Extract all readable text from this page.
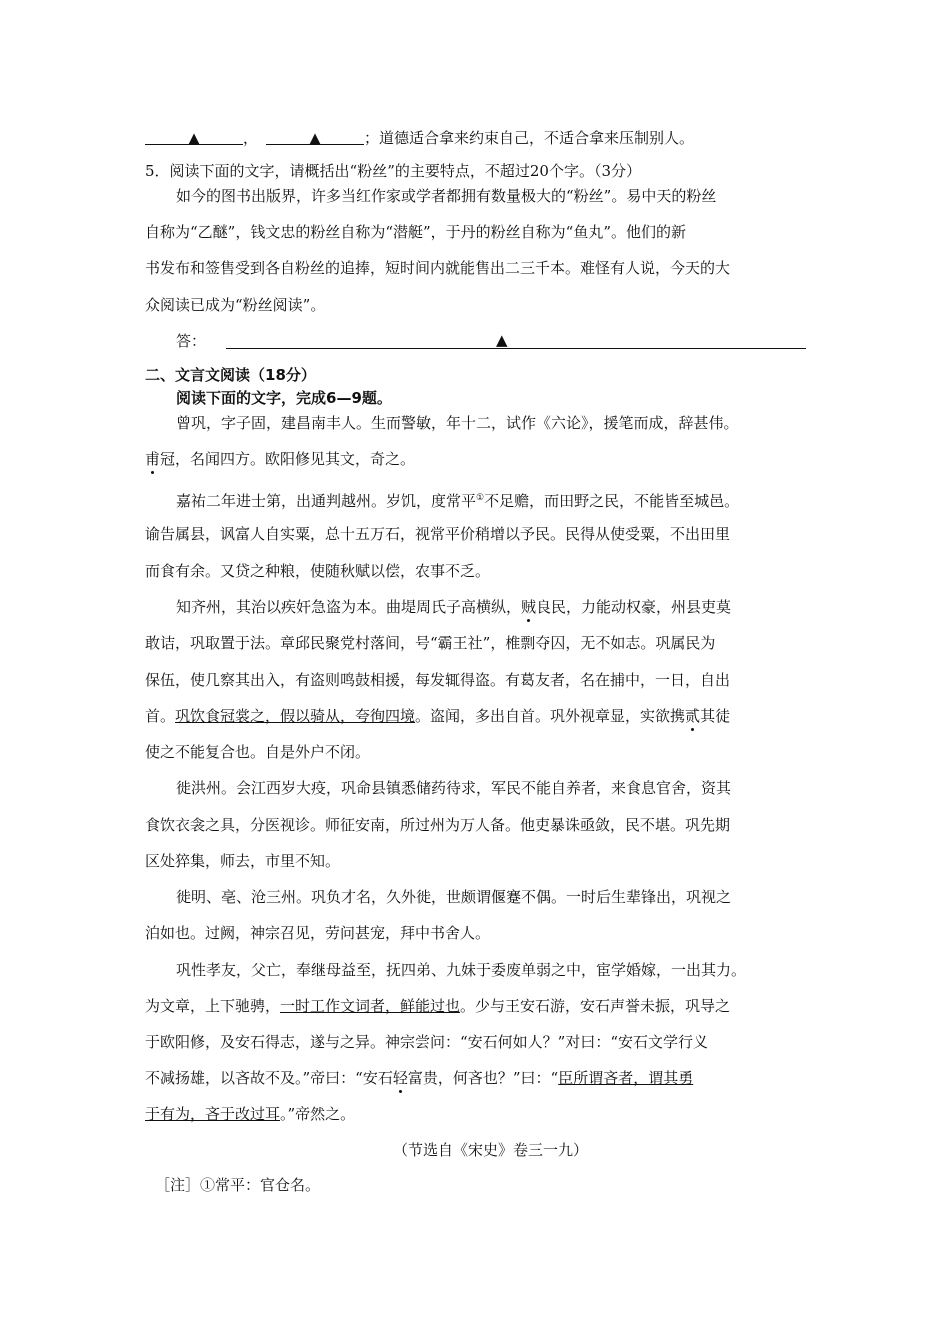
▲	，	▲	；道德适合拿来约束自己，不适合拿来压制别人。
5．阅读下面的文字，请概括出“粉丝”的主要特点，不超过20个字。（3分）
如今的图书出版界，许多当红作家或学者都拥有数量极大的“粉丝”。易中天的粉丝
自称为“乙醚”，钱文忠的粉丝自称为“潜艇”，于丹的粉丝自称为“鱼丸”。他们的新
书发布和签售受到各自粉丝的追捧，短时间内就能售出二三千本。难怪有人说，今天的大
众阅读已成为“粉丝阅读”。
答：	▲
二、文言文阅读（18分）
阅读下面的文字，完成6—9题。
曾巩，字子固，建昌南丰人。生而警敏，年十二，试作《六论》，援笔而成，辞甚伟。
甫冠，名闻四方。欧阳修见其文，奇之。
嘉祐二年进士第，出通判越州。岁饥，度常平①不足赡，而田野之民，不能皆至城邑。
谕告属县，讽富人自实粟，总十五万石，视常平价稍增以予民。民得从使受粟，不出田里
而食有余。又贷之种粮，使随秋赋以偿，农事不乏。
知齐州，其治以疾奸急盗为本。曲堤周氏子高横纵，贼良民，力能动权豪，州县吏莫
敢诘，巩取置于法。章邱民聚党村落间，号“霸王社”，椎剽夺囚，无不如志。巩属民为
保伍，使几察其出入，有盗则鸣鼓相援，每发辄得盗。有葛友者，名在捕中，一日，自出
首。巩饮食冠裳之，假以骑从，夸徇四境。盗闻，多出自首。巩外视章显，实欲携贰其徒
使之不能复合也。自是外户不闭。
徙洪州。会江西岁大疫，巩命县镇悉储药待求，军民不能自养者，来食息官舍，资其
食饮衣衾之具，分医视诊。师征安南，所过州为万人备。他吏暴诛亟敛，民不堪。巩先期
区处猝集，师去，市里不知。
徙明、亳、沧三州。巩负才名，久外徙，世颇谓偃蹇不偶。一时后生辈锋出，巩视之
泊如也。过阙，神宗召见，劳问甚宠，拜中书舍人。
巩性孝友，父亡，奉继母益至，抚四弟、九妹于委废单弱之中，宦学婚嫁，一出其力。
为文章，上下驰骋，一时工作文词者，鲜能过也。少与王安石游，安石声誉未振，巩导之
于欧阳修，及安石得志，遂与之异。神宗尝问：“安石何如人？”对曰：“安石文学行义
不减扬雄，以吝故不及。”帝曰：“安石轻富贵，何吝也？”曰：“臣所谓吝者，谓其勇
于有为，吝于改过耳。”帝然之。
（节选自《宋史》卷三一九）
［注］①常平：官仓名。
